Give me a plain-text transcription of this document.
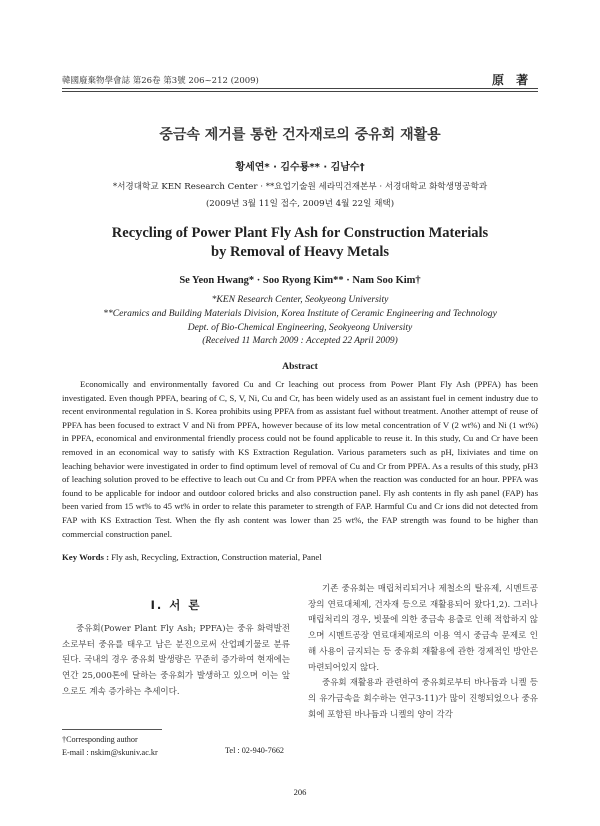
韓國廢棄物學會誌 第26卷 第3號 206~212 (2009)	原 著
중금속 제거를 통한 건자재로의 중유회 재활용
황세연* · 김수룡** · 김남수†
*서경대학교 KEN Research Center · **요업기술원 세라믹건재본부 · 서경대학교 화학생명공학과
(2009년 3월 11일 접수, 2009년 4월 22일 채택)
Recycling of Power Plant Fly Ash for Construction Materials
by Removal of Heavy Metals
Se Yeon Hwang* · Soo Ryong Kim** · Nam Soo Kim†
*KEN Research Center, Seokyeong University
**Ceramics and Building Materials Division, Korea Institute of Ceramic Engineering and Technology
Dept. of Bio-Chemical Engineering, Seokyeong University
(Received 11 March 2009 : Accepted 22 April 2009)
Abstract

Economically and environmentally favored Cu and Cr leaching out process from Power Plant Fly Ash (PPFA) has been investigated. Even though PPFA, bearing of C, S, V, Ni, Cu and Cr, has been widely used as an assistant fuel in cement industry due to recent environmental regulation in S. Korea prohibits using PPFA from as assistant fuel without treatment. Another attempt of reuse of PPFA has been focused to extract V and Ni from PPFA, however because of its low metal concentration of V (2 wt%) and Ni (1 wt%) in PPFA, economical and environmental friendly process could not be found applicable to reuse it. In this study, Cu and Cr have been removed in an economical way to satisfy with KS Extraction Regulation. Various parameters such as pH, lixiviates and time on leaching behavior were investigated in order to find optimum level of removal of Cu and Cr from PPFA. As a results of this study, pH3 of leaching solution proved to be effective to leach out Cu and Cr from PPFA when the reaction was conducted for an hour. PPFA was found to be applicable for indoor and outdoor colored bricks and also construction panel. Fly ash contents in fly ash panel (FAP) has been varied from 15 wt% to 45 wt% in order to relate this parameter to strength of FAP. Harmful Cu and Cr ions did not detected from FAP with KS Extraction Test. When the fly ash content was lower than 25 wt%, the FAP strength was found to be higher than commercial construction panel.

Key Words : Fly ash, Recycling, Extraction, Construction material, Panel
I. 서 론

중유회(Power Plant Fly Ash; PPFA)는 중유 화력발전소로부터 중유를 태우고 남은 분진으로써 산업폐기물로 분류된다. 국내의 경우 중유회 발생량은 꾸준히 증가하여 현재에는 연간 25,000톤에 달하는 중유회가 발생하고 있으며 이는 앞으로도 계속 증가하는 추세이다.

기존 중유회는 매립처리되거나 제철소의 탈유제, 시멘트공장의 연료대체제, 건자재 등으로 재활용되어 왔다1,2). 그러나 매립처리의 경우, 빗물에 의한 중금속 용출로 인해 적합하지 않으며 시멘트공장 연료대체재로의 이용 역시 중금속 문제로 인해 사용이 금지되는 등 중유회 재활용에 관한 경제적인 방안은 마련되어있지 않다.

중유회 재활용과 관련하여 중유회로부터 바나듐과 니켈 등의 유가금속을 회수하는 연구3-11)가 많이 진행되었으나 중유회에 포함된 바나듐과 니켈의 양이 각각

†Corresponding author
E-mail : nskim@skuniv.ac.kr	Tel : 02-940-7662
206
